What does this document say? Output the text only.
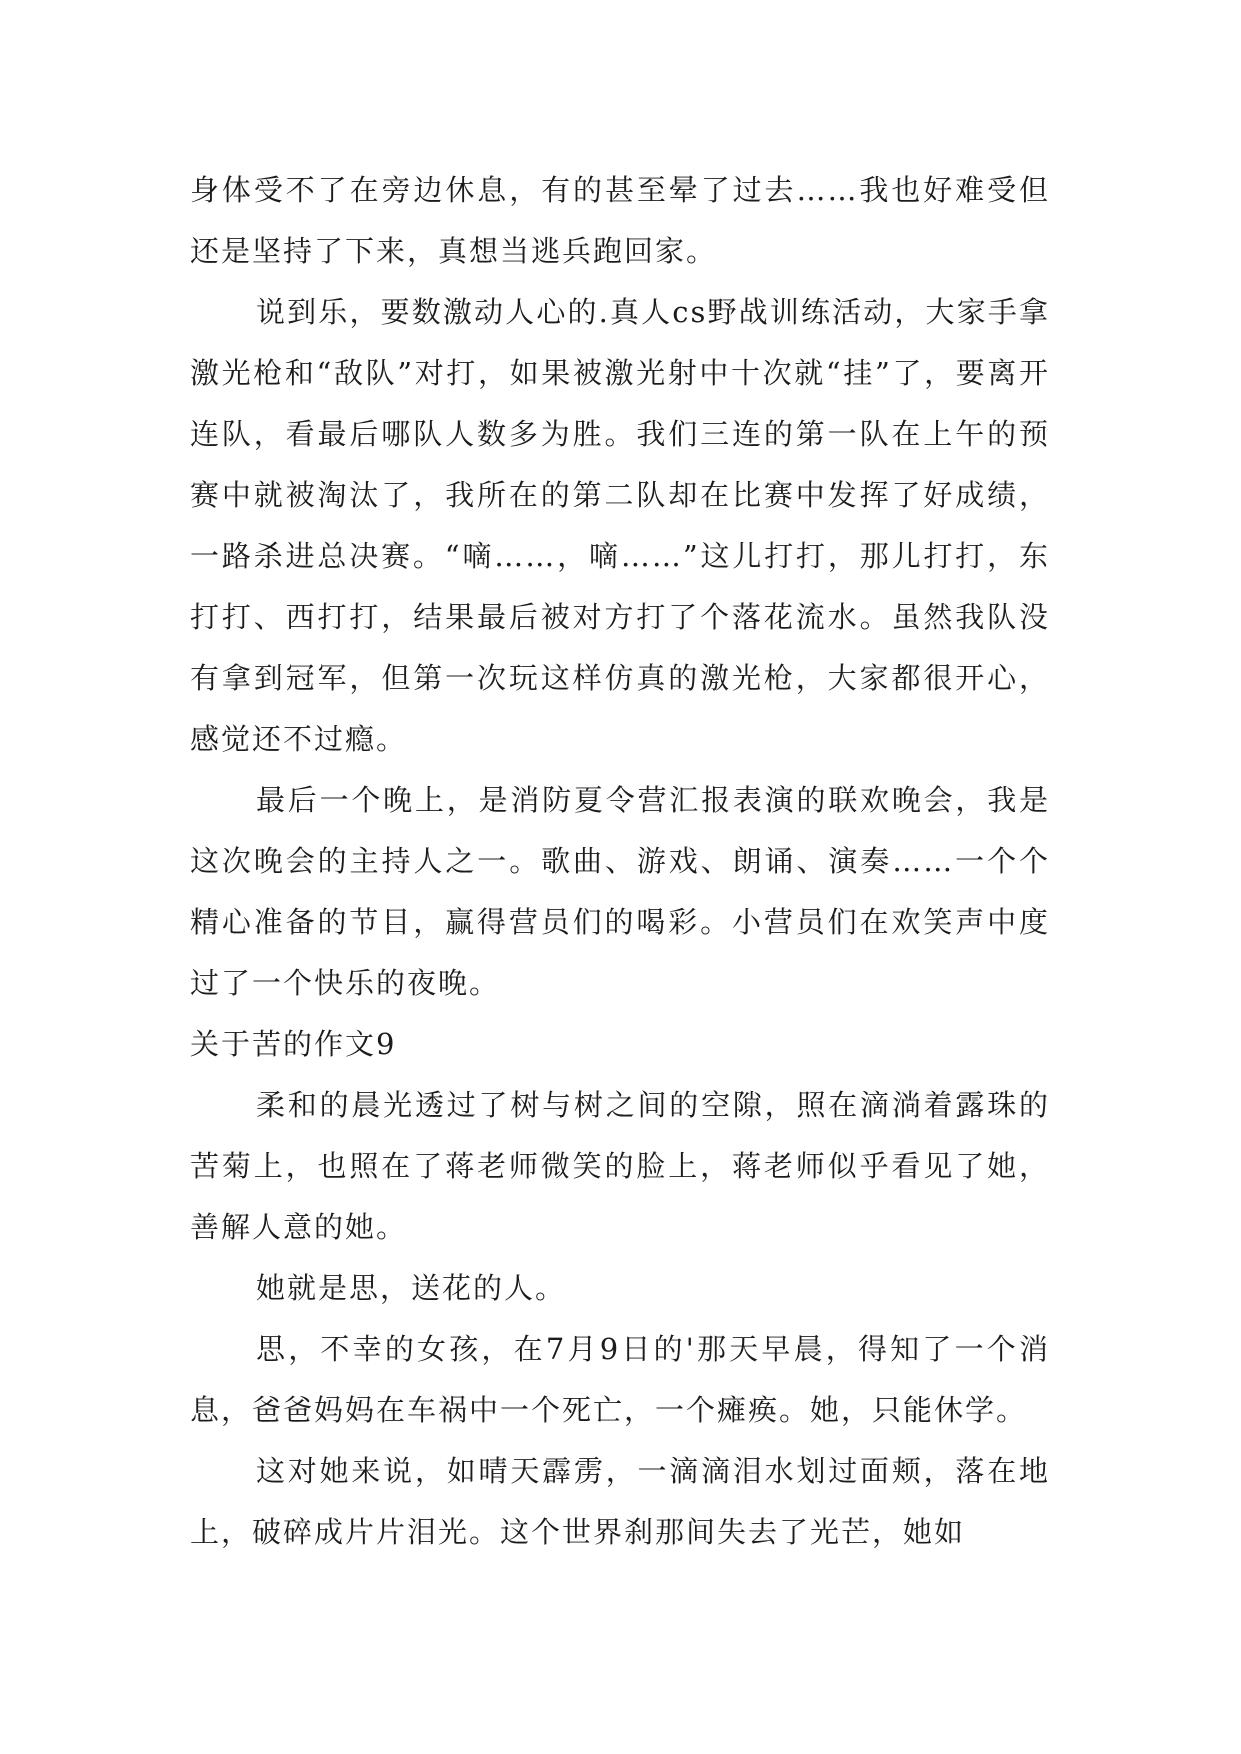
身体受不了在旁边休息，有的甚至晕了过去……我也好难受但还是坚持了下来，真想当逃兵跑回家。

说到乐，要数激动人心的.真人cs野战训练活动，大家手拿激光枪和“敌队”对打，如果被激光射中十次就“挂”了，要离开连队，看最后哪队人数多为胜。我们三连的第一队在上午的预赛中就被淘汰了，我所在的第二队却在比赛中发挥了好成绩，一路杀进总决赛。“嘀……，嘀……”这儿打打，那儿打打，东打打、西打打，结果最后被对方打了个落花流水。虽然我队没有拿到冠军，但第一次玩这样仿真的激光枪，大家都很开心，感觉还不过瘾。

最后一个晚上，是消防夏令营汇报表演的联欢晚会，我是这次晚会的主持人之一。歌曲、游戏、朗诵、演奏……一个个精心准备的节目，赢得营员们的喝彩。小营员们在欢笑声中度过了一个快乐的夜晚。

关于苦的作文9

柔和的晨光透过了树与树之间的空隙，照在滴淌着露珠的苦菊上，也照在了蒋老师微笑的脸上，蒋老师似乎看见了她，善解人意的她。

她就是思，送花的人。

思，不幸的女孩，在7月9日的'那天早晨，得知了一个消息，爸爸妈妈在车祸中一个死亡，一个瘫痪。她，只能休学。

这对她来说，如晴天霹雳，一滴滴泪水划过面颊，落在地上，破碎成片片泪光。这个世界刹那间失去了光芒，她如
